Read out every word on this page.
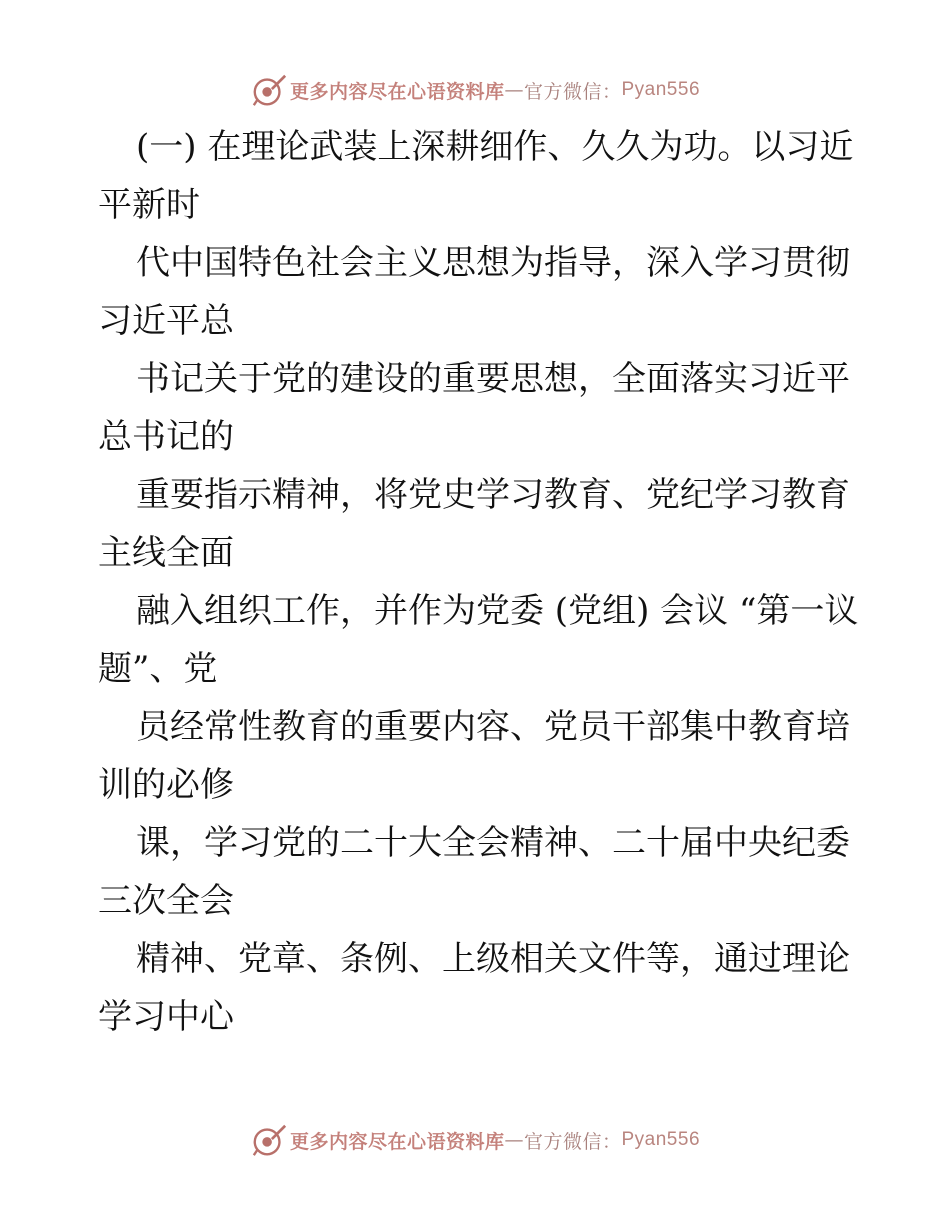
更多内容尽在心语资料库 — 官方微信： Pyan556
(一) 在理论武装上深耕细作、久久为功。以习近
平新时
代中国特色社会主义思想为指导，深入学习贯彻
习近平总
书记关于党的建设的重要思想，全面落实习近平
总书记的
重要指示精神，将党史学习教育、党纪学习教育
主线全面
融入组织工作，并作为党委 (党组) 会议 “第一议
题”、党
员经常性教育的重要内容、党员干部集中教育培
训的必修
课，学习党的二十大全会精神、二十届中央纪委
三次全会
精神、党章、条例、上级相关文件等，通过理论
学习中心
更多内容尽在心语资料库 — 官方微信： Pyan556
